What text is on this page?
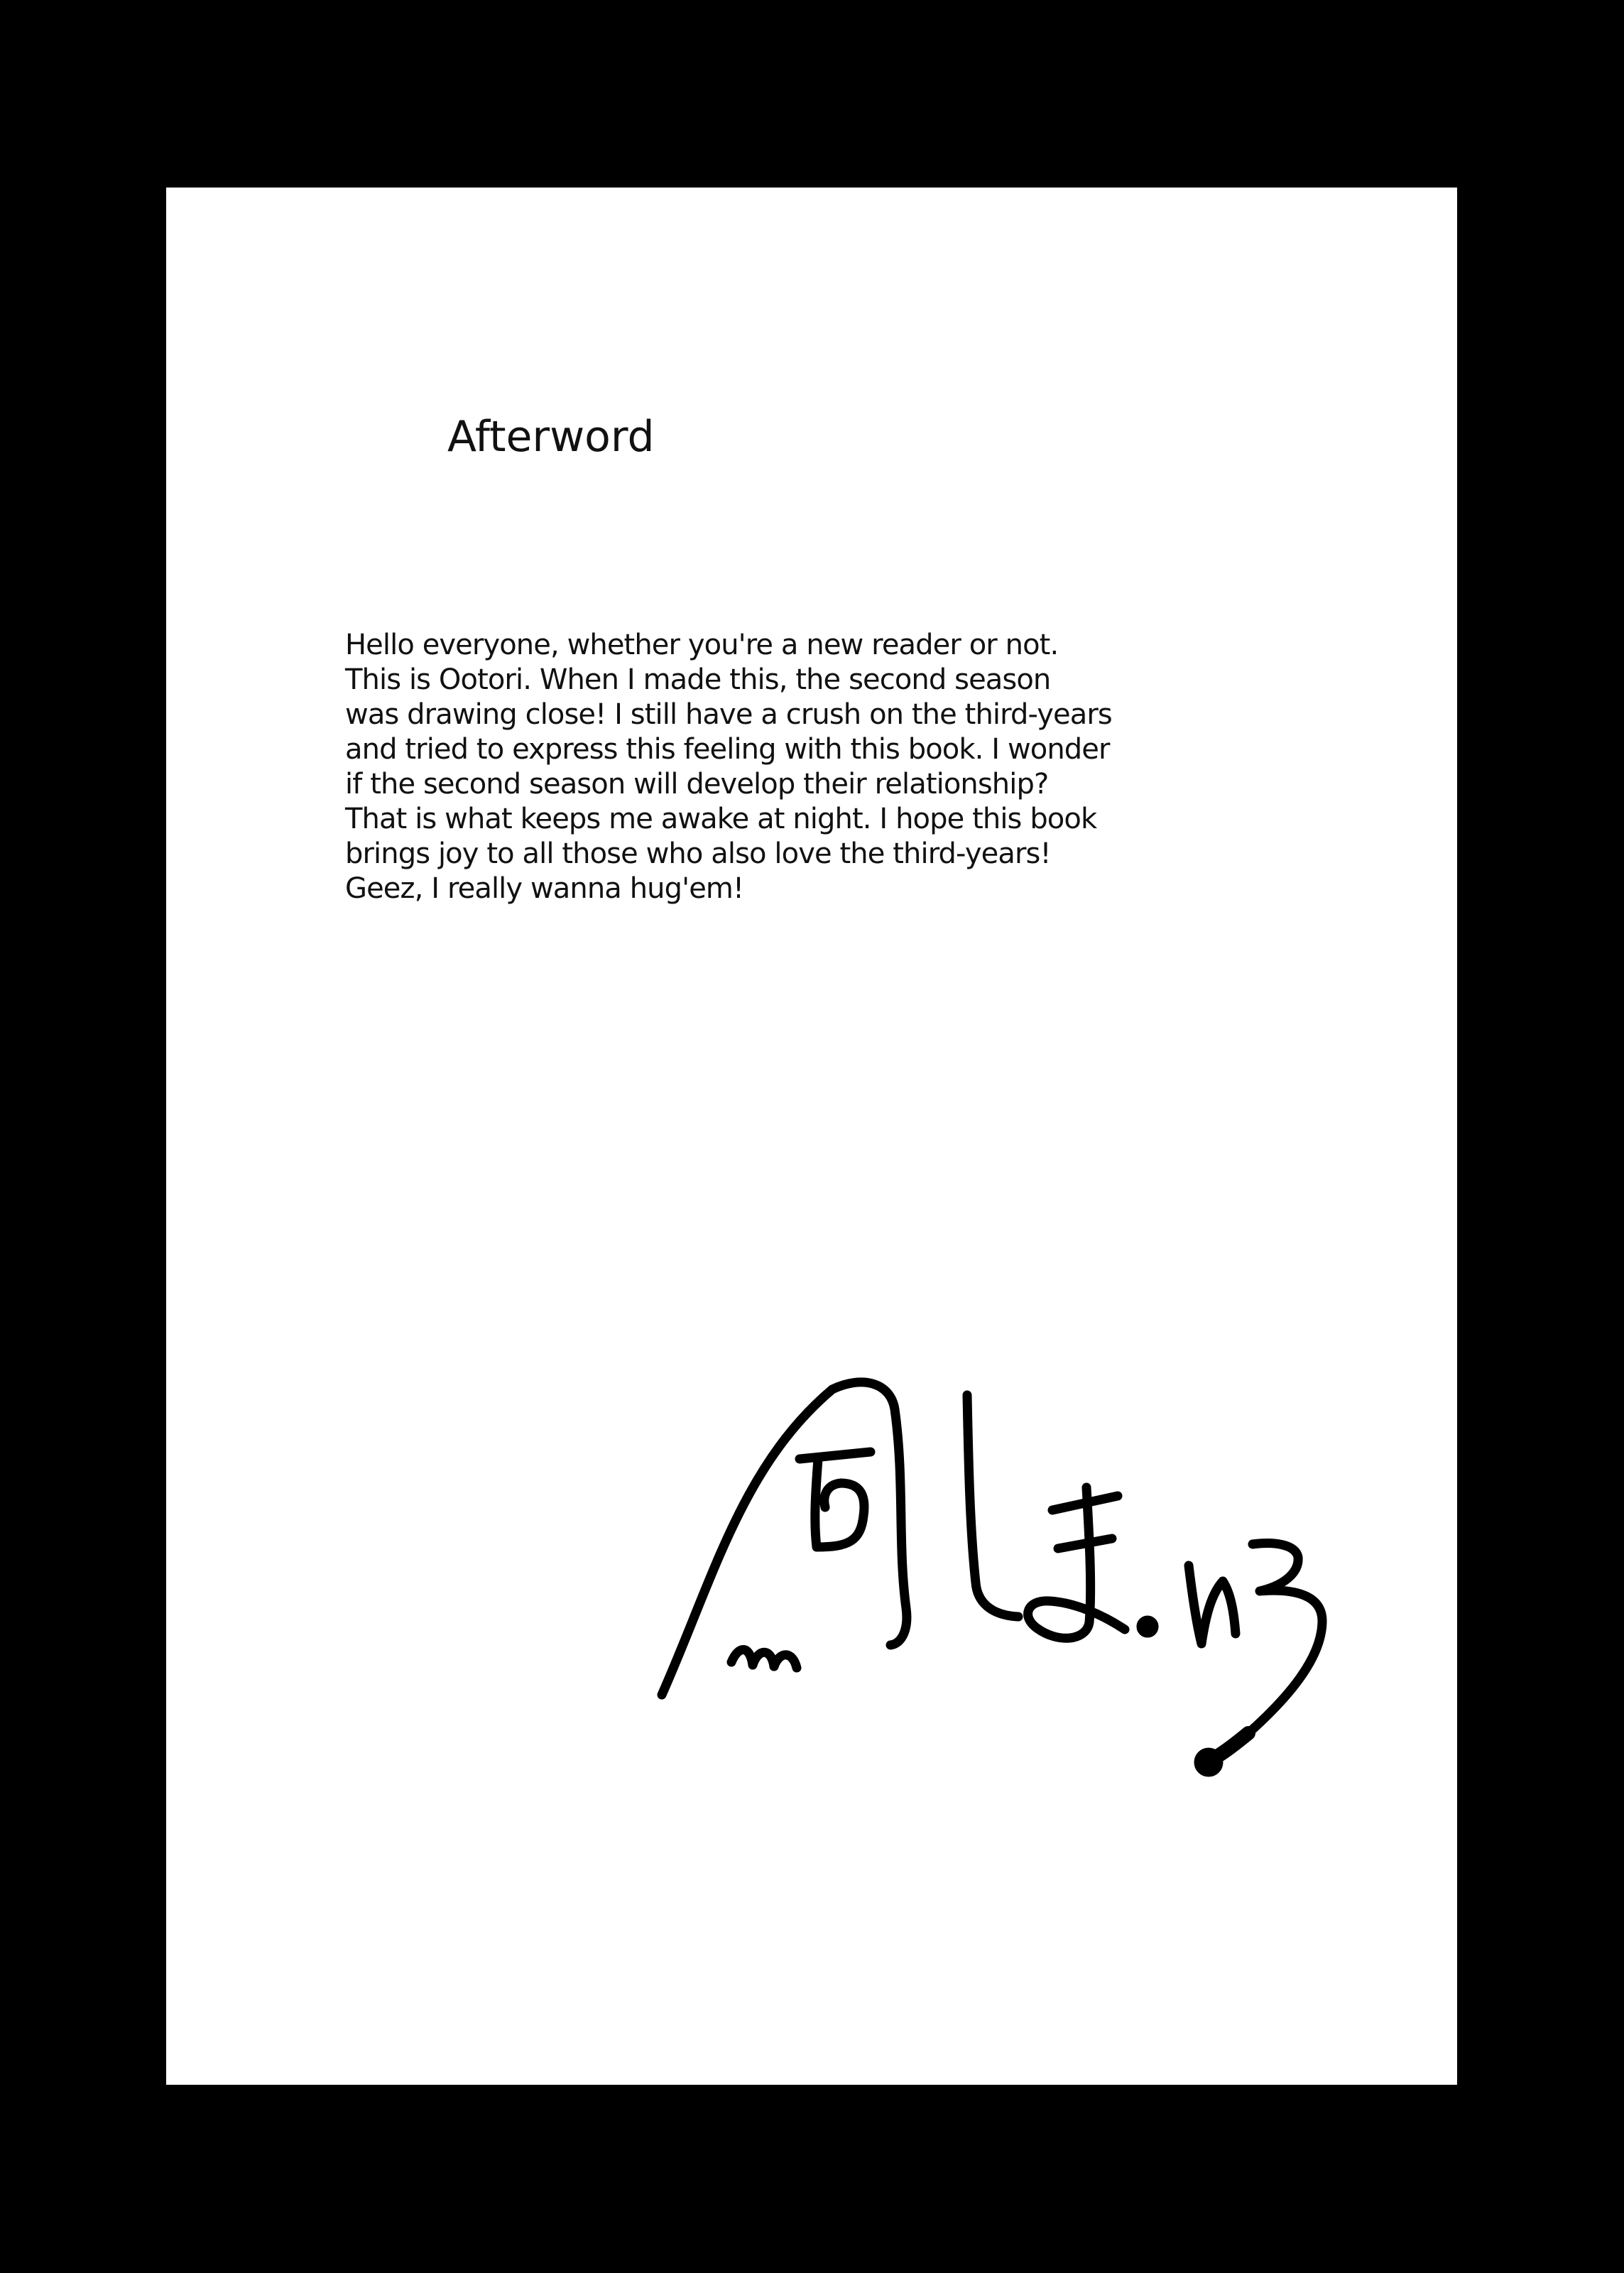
Afterword
Hello everyone, whether you're a new reader or not.
This is Ootori. When I made this, the second season
was drawing close! I still have a crush on the third-years
and tried to express this feeling with this book. I wonder
if the second season will develop their relationship?
That is what keeps me awake at night. I hope this book
brings joy to all those who also love the third-years!
Geez, I really wanna hug'em!
